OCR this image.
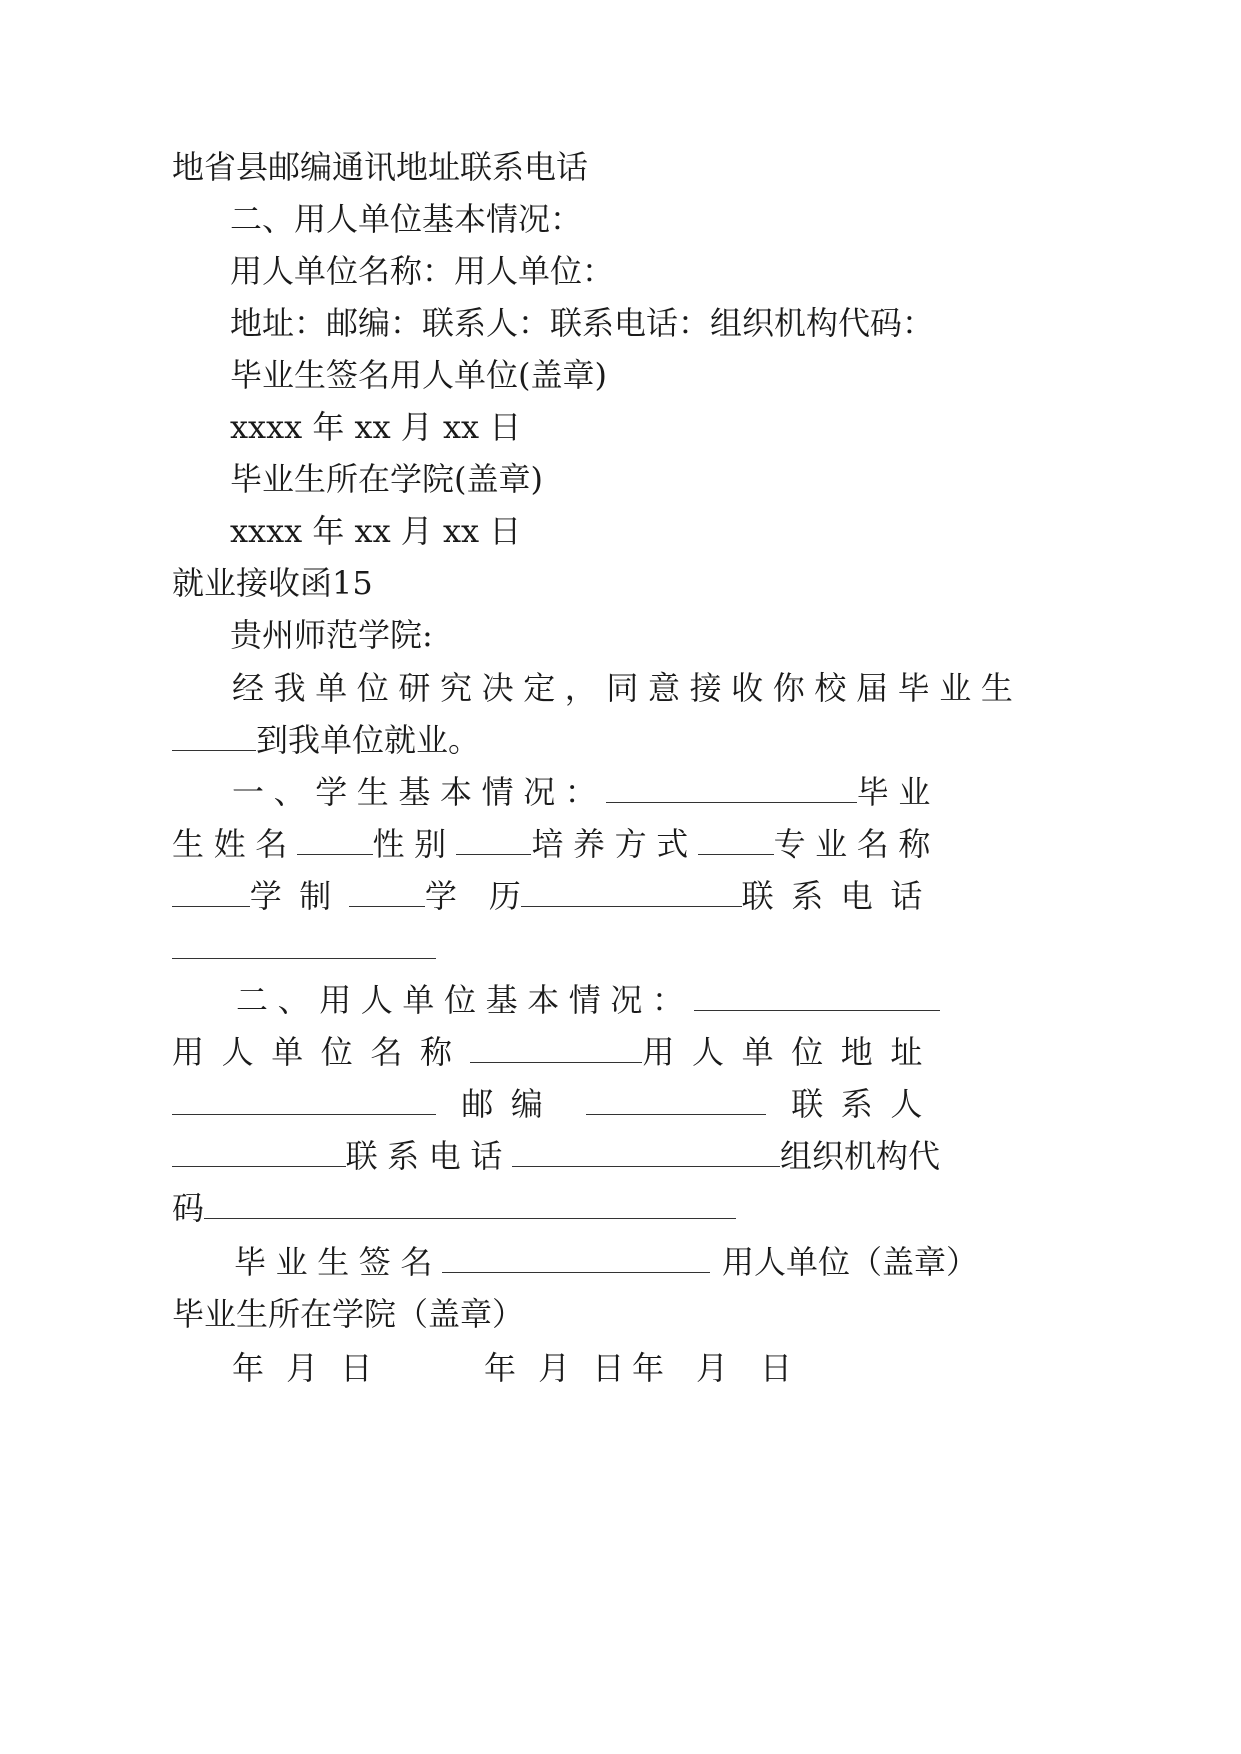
地省县邮编通讯地址联系电话
二、用人单位基本情况：
用人单位名称：用人单位：
地址：邮编：联系人：联系电话：组织机构代码：
毕业生签名用人单位(盖章)
xxxx 年 xx 月 xx 日
毕业生所在学院(盖章)
xxxx 年 xx 月 xx 日
就业接收函15
贵州师范学院:
经我单位研究决定，同意接收你校 届毕业生
到我单位就业。
一、学生基本情况：	毕业
生姓名 性别 培养方式 专业名称
学制 学　历	联系电话
二、用人单位基本情况：
用人单位名称	用人单位地址
邮编	联系人
联系电话	组织机构代
码
毕业生签名	用人单位（盖章）
毕业生所在学院（盖章）
年 月 日	年 月 日 年　月　日
